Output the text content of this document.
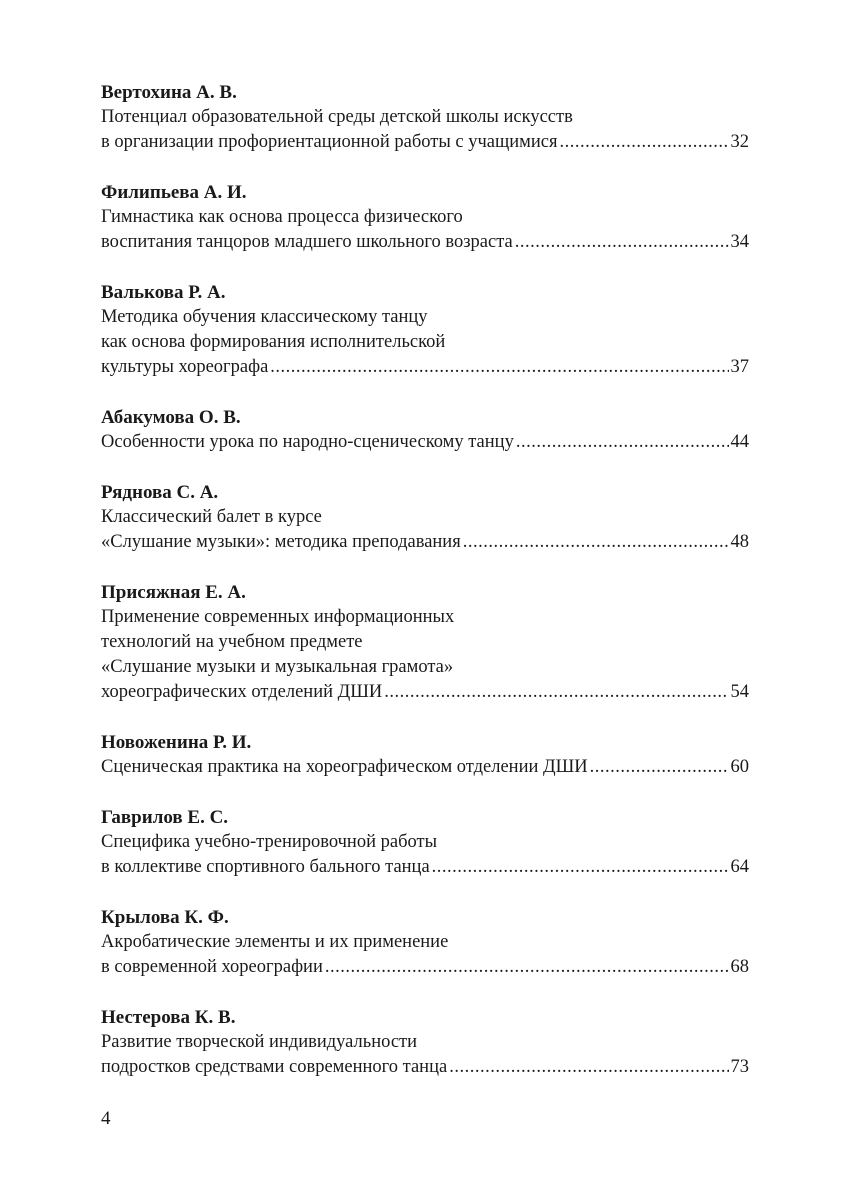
Вертохина А. В.
Потенциал образовательной среды детской школы искусств
в организации профориентационной работы с учащимися .....	32
Филипьева А. И.
Гимнастика как основа процесса физического
воспитания танцоров младшего школьного возраста .....	34
Валькова Р. А.
Методика обучения классическому танцу
как основа формирования исполнительской
культуры хореографа .....	37
Абакумова О. В.
Особенности урока по народно-сценическому танцу .....	44
Ряднова С. А.
Классический балет в курсе
«Слушание музыки»: методика преподавания .....	48
Присяжная Е. А.
Применение современных информационных
технологий на учебном предмете
«Слушание музыки и музыкальная грамота»
хореографических отделений ДШИ .....	54
Новоженина Р. И.
Сценическая практика на хореографическом отделении ДШИ .....	60
Гаврилов Е. С.
Специфика учебно-тренировочной работы
в коллективе спортивного бального танца .....	64
Крылова К. Ф.
Акробатические элементы и их применение
в современной хореографии .....	68
Нестерова К. В.
Развитие творческой индивидуальности
подростков средствами современного танца .....	73
4
